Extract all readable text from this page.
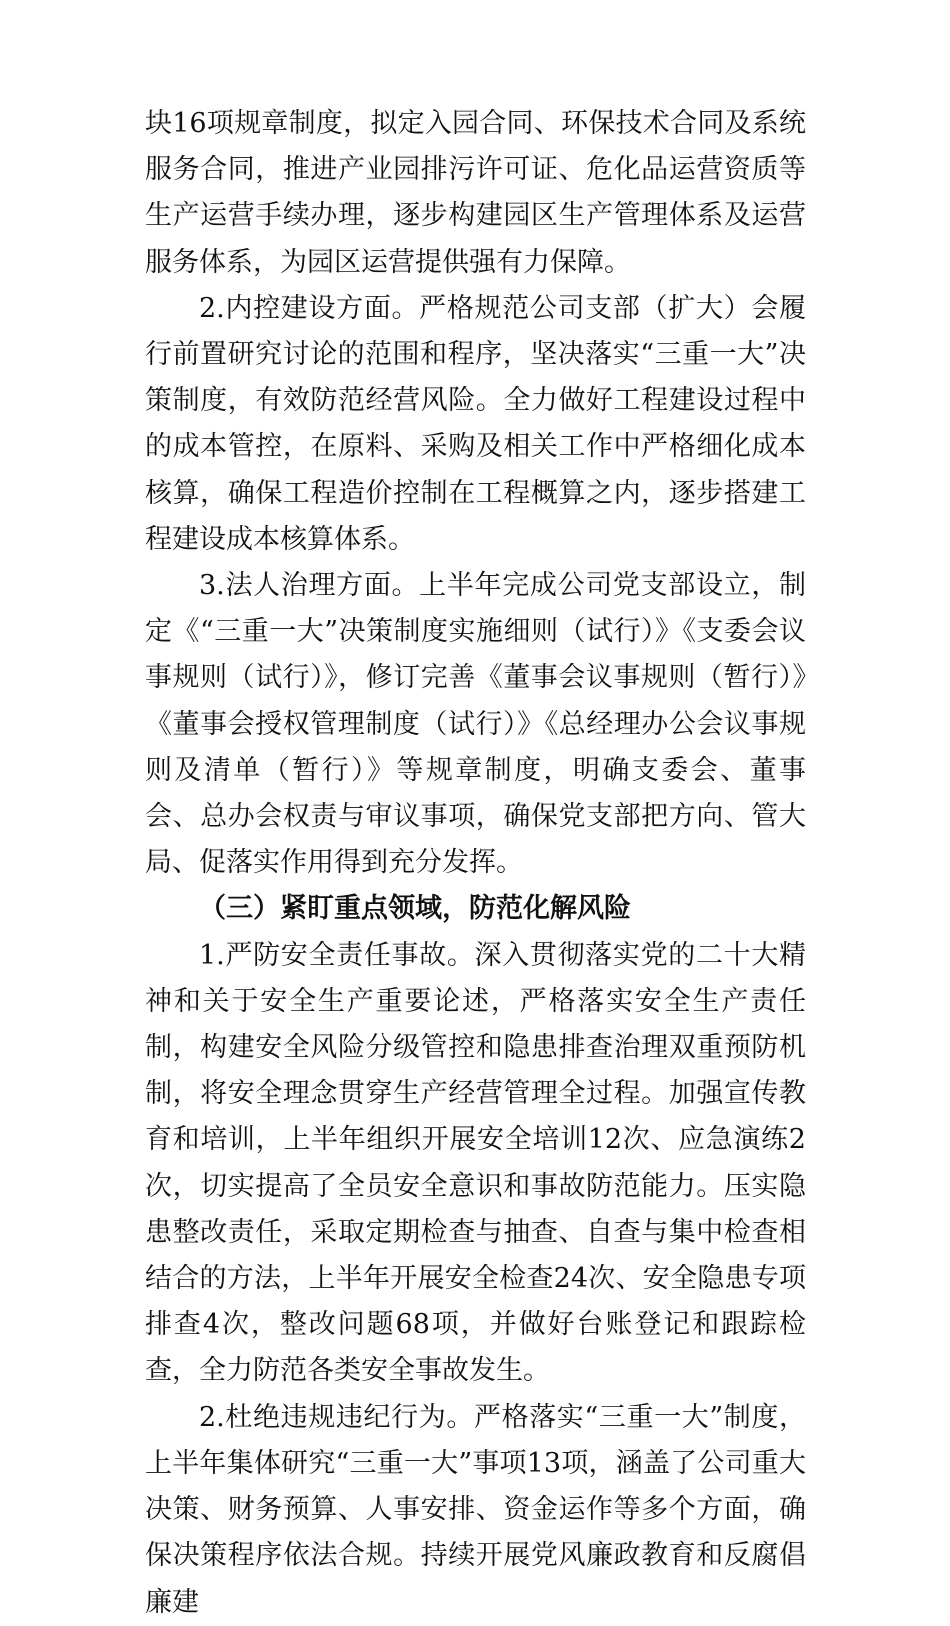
块16项规章制度，拟定入园合同、环保技术合同及系统服务合同，推进产业园排污许可证、危化品运营资质等生产运营手续办理，逐步构建园区生产管理体系及运营服务体系，为园区运营提供强有力保障。

2.内控建设方面。严格规范公司支部（扩大）会履行前置研究讨论的范围和程序，坚决落实“三重一大”决策制度，有效防范经营风险。全力做好工程建设过程中的成本管控，在原料、采购及相关工作中严格细化成本核算，确保工程造价控制在工程概算之内，逐步搭建工程建设成本核算体系。

3.法人治理方面。上半年完成公司党支部设立，制定《“三重一大”决策制度实施细则（试行）》《支委会议事规则（试行）》，修订完善《董事会议事规则（暂行）》《董事会授权管理制度（试行）》《总经理办公会议事规则及清单（暂行）》等规章制度，明确支委会、董事会、总办会权责与审议事项，确保党支部把方向、管大局、促落实作用得到充分发挥。

（三）紧盯重点领域，防范化解风险

1.严防安全责任事故。深入贯彻落实党的二十大精神和关于安全生产重要论述，严格落实安全生产责任制，构建安全风险分级管控和隐患排查治理双重预防机制，将安全理念贯穿生产经营管理全过程。加强宣传教育和培训，上半年组织开展安全培训12次、应急演练2次，切实提高了全员安全意识和事故防范能力。压实隐患整改责任，采取定期检查与抽查、自查与集中检查相结合的方法，上半年开展安全检查24次、安全隐患专项排查4次，整改问题68项，并做好台账登记和跟踪检查，全力防范各类安全事故发生。

2.杜绝违规违纪行为。严格落实“三重一大”制度，上半年集体研究“三重一大”事项13项，涵盖了公司重大决策、财务预算、人事安排、资金运作等多个方面，确保决策程序依法合规。持续开展党风廉政教育和反腐倡廉建
